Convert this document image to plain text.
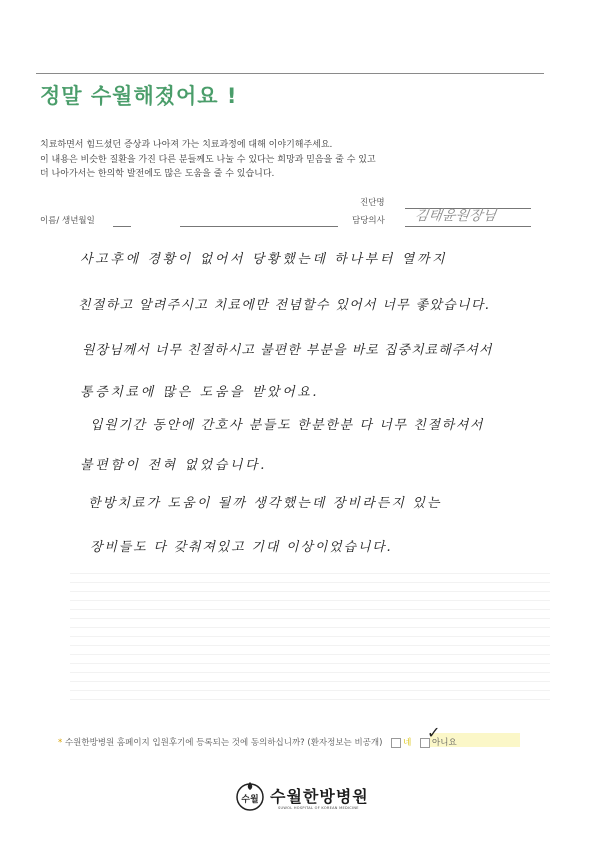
정말 수월해졌어요 !
치료하면서 힘드셨던 증상과 나아져 가는 치료과정에 대해 이야기해주세요.
이 내용은 비슷한 질환을 가진 다른 분들께도 나눌 수 있다는 희망과 믿음을 줄 수 있고
더 나아가서는 한의학 발전에도 많은 도움을 줄 수 있습니다.
진단명
이름/ 생년월일	담당의사 김태윤원장님
사고후에 경황이 없어서 당황했는데 하나부터 열까지
친절하고 알려주시고 치료에만 전념할수 있어서 너무 좋았습니다.
원장님께서 너무 친절하시고 불편한 부분을 바로 집중치료해주셔서
통증치료에 많은 도움을 받았어요.
입원기간 동안에 간호사 분들도 한분한분 다 너무 친절하셔서
불편함이 전혀 없었습니다.
한방치료가 도움이 될까 생각했는데 장비라든지 있는
장비들도 다 갖춰져있고 기대 이상이었습니다.
* 수원한방병원 홈페이지 입원후기에 등록되는 것에 동의하십니까? (환자정보는 비공개) 네 아니요
✓
수월 수월한방병원
SUWOL HOSPITAL OF KOREAN MEDICINE
